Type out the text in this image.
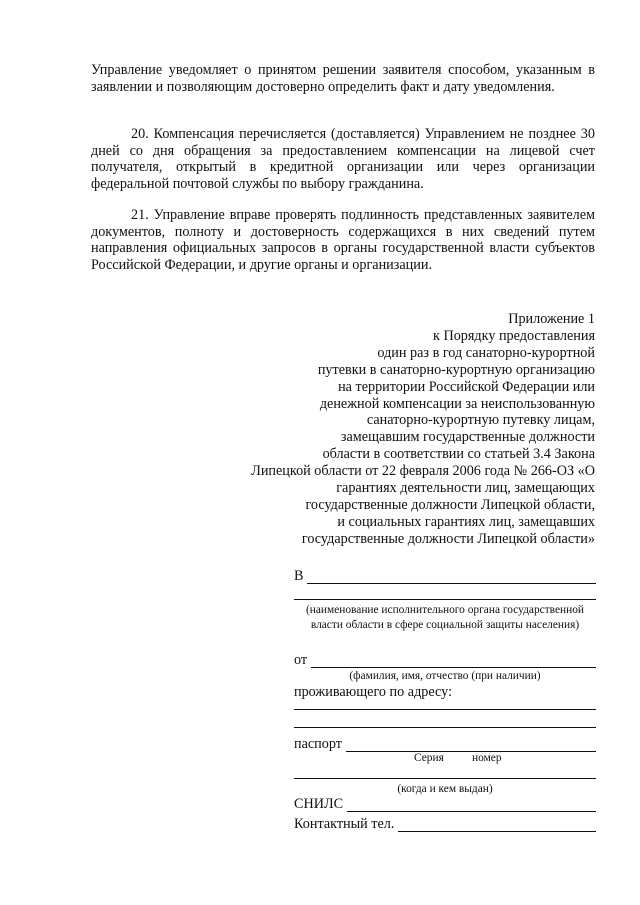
Управление уведомляет о принятом решении заявителя способом, указанным в заявлении и позволяющим достоверно определить факт и дату уведомления.

20. Компенсация перечисляется (доставляется) Управлением не позднее 30 дней со дня обращения за предоставлением компенсации на лицевой счет получателя, открытый в кредитной организации или через организации федеральной почтовой службы по выбору гражданина.

21. Управление вправе проверять подлинность представленных заявителем документов, полноту и достоверность содержащихся в них сведений путем направления официальных запросов в органы государственной власти субъектов Российской Федерации, и другие органы и организации.

Приложение 1
к Порядку предоставления
один раз в год санаторно-курортной
путевки в санаторно-курортную организацию
на территории Российской Федерации или
денежной компенсации за неиспользованную
санаторно-курортную путевку лицам,
замещавшим государственные должности
области в соответствии со статьей 3.4 Закона
Липецкой области от 22 февраля 2006 года № 266-ОЗ «О
гарантиях деятельности лиц, замещающих
государственные должности Липецкой области,
и социальных гарантиях лиц, замещавших
государственные должности Липецкой области»
В
(наименование исполнительного органа государственной власти области в сфере социальной защиты населения)
от
(фамилия, имя, отчество (при наличии)
проживающего по адресу:
паспорт
Серия номер
(когда и кем выдан)
СНИЛС
Контактный тел.
